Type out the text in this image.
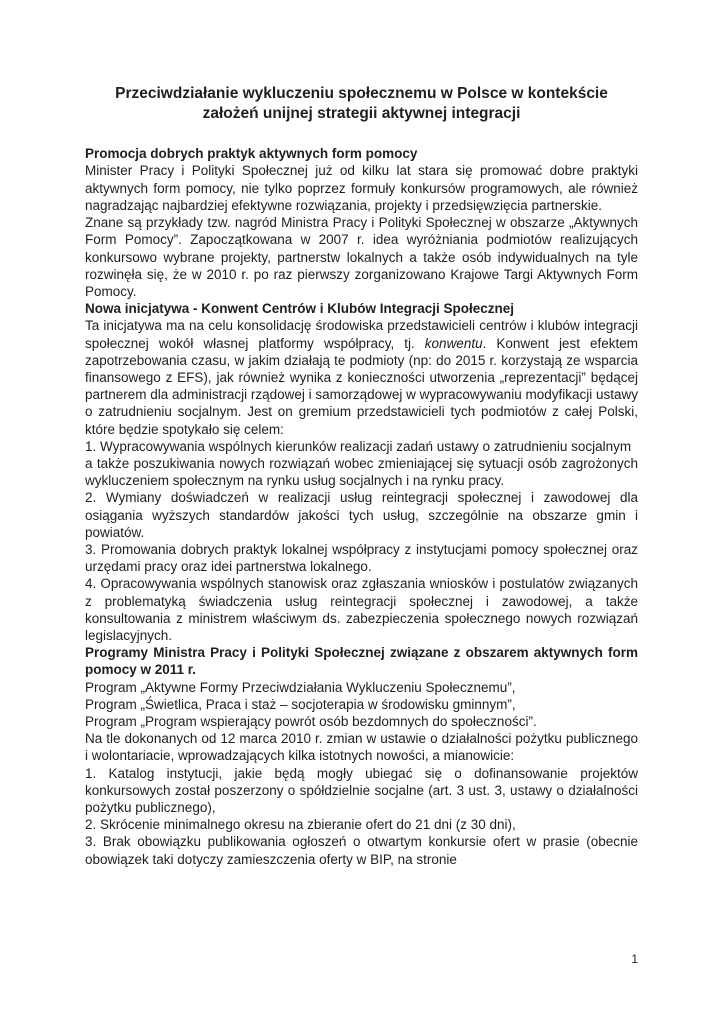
Przeciwdziałanie wykluczeniu społecznemu w Polsce w kontekście założeń unijnej strategii aktywnej integracji

Promocja dobrych praktyk aktywnych form pomocy

Minister Pracy i Polityki Społecznej już od kilku lat stara się promować dobre praktyki aktywnych form pomocy, nie tylko poprzez formuły konkursów programowych, ale również nagradzając najbardziej efektywne rozwiązania, projekty i przedsięwzięcia partnerskie.

Znane są przykłady tzw. nagród Ministra Pracy i Polityki Społecznej w obszarze „Aktywnych Form Pomocy”. Zapoczątkowana w 2007 r. idea wyróżniania podmiotów realizujących konkursowo wybrane projekty, partnerstw lokalnych a także osób indywidualnych na tyle rozwinęła się, że w 2010 r. po raz pierwszy zorganizowano Krajowe Targi Aktywnych Form Pomocy.

Nowa inicjatywa - Konwent Centrów i Klubów Integracji Społecznej

Ta inicjatywa ma na celu konsolidację środowiska przedstawicieli centrów i klubów integracji społecznej wokół własnej platformy współpracy, tj. konwentu. Konwent jest efektem zapotrzebowania czasu, w jakim działają te podmioty (np: do 2015 r. korzystają ze wsparcia finansowego z EFS), jak również wynika z konieczności utworzenia „reprezentacji” będącej partnerem dla administracji rządowej i samorządowej w wypracowywaniu modyfikacji ustawy o zatrudnieniu socjalnym. Jest on gremium przedstawicieli tych podmiotów z całej Polski, które będzie spotykało się celem:

1. Wypracowywania wspólnych kierunków realizacji zadań ustawy o zatrudnieniu socjalnym

a także poszukiwania nowych rozwiązań wobec zmieniającej się sytuacji osób zagrożonych wykluczeniem społecznym na rynku usług socjalnych i na rynku pracy.

2. Wymiany doświadczeń w realizacji usług reintegracji społecznej i zawodowej dla osiągania wyższych standardów jakości tych usług, szczególnie na obszarze gmin i powiatów.

3. Promowania dobrych praktyk lokalnej współpracy z instytucjami pomocy społecznej oraz urzędami pracy oraz idei partnerstwa lokalnego.

4. Opracowywania wspólnych stanowisk oraz zgłaszania wniosków i postulatów związanych z problematyką świadczenia usług reintegracji społecznej i zawodowej, a także konsultowania z ministrem właściwym ds. zabezpieczenia społecznego nowych rozwiązań legislacyjnych.

Programy Ministra Pracy i Polityki Społecznej związane z obszarem aktywnych form pomocy w 2011 r.

Program „Aktywne Formy Przeciwdziałania Wykluczeniu Społecznemu”,

Program „Świetlica, Praca i staż – socjoterapia w środowisku gminnym”,

Program „Program wspierający powrót osób bezdomnych do społeczności”.

Na tle dokonanych od 12 marca 2010 r. zmian w ustawie o działalności pożytku publicznego i wolontariacie, wprowadzających kilka istotnych nowości, a mianowicie:

1. Katalog instytucji, jakie będą mogły ubiegać się o dofinansowanie projektów konkursowych został poszerzony o spółdzielnie socjalne (art. 3 ust. 3, ustawy o działalności pożytku publicznego),

2. Skrócenie minimalnego okresu na zbieranie ofert do 21 dni (z 30 dni),

3. Brak obowiązku publikowania ogłoszeń o otwartym konkursie ofert w prasie (obecnie obowiązek taki dotyczy zamieszczenia oferty w BIP, na stronie

1
